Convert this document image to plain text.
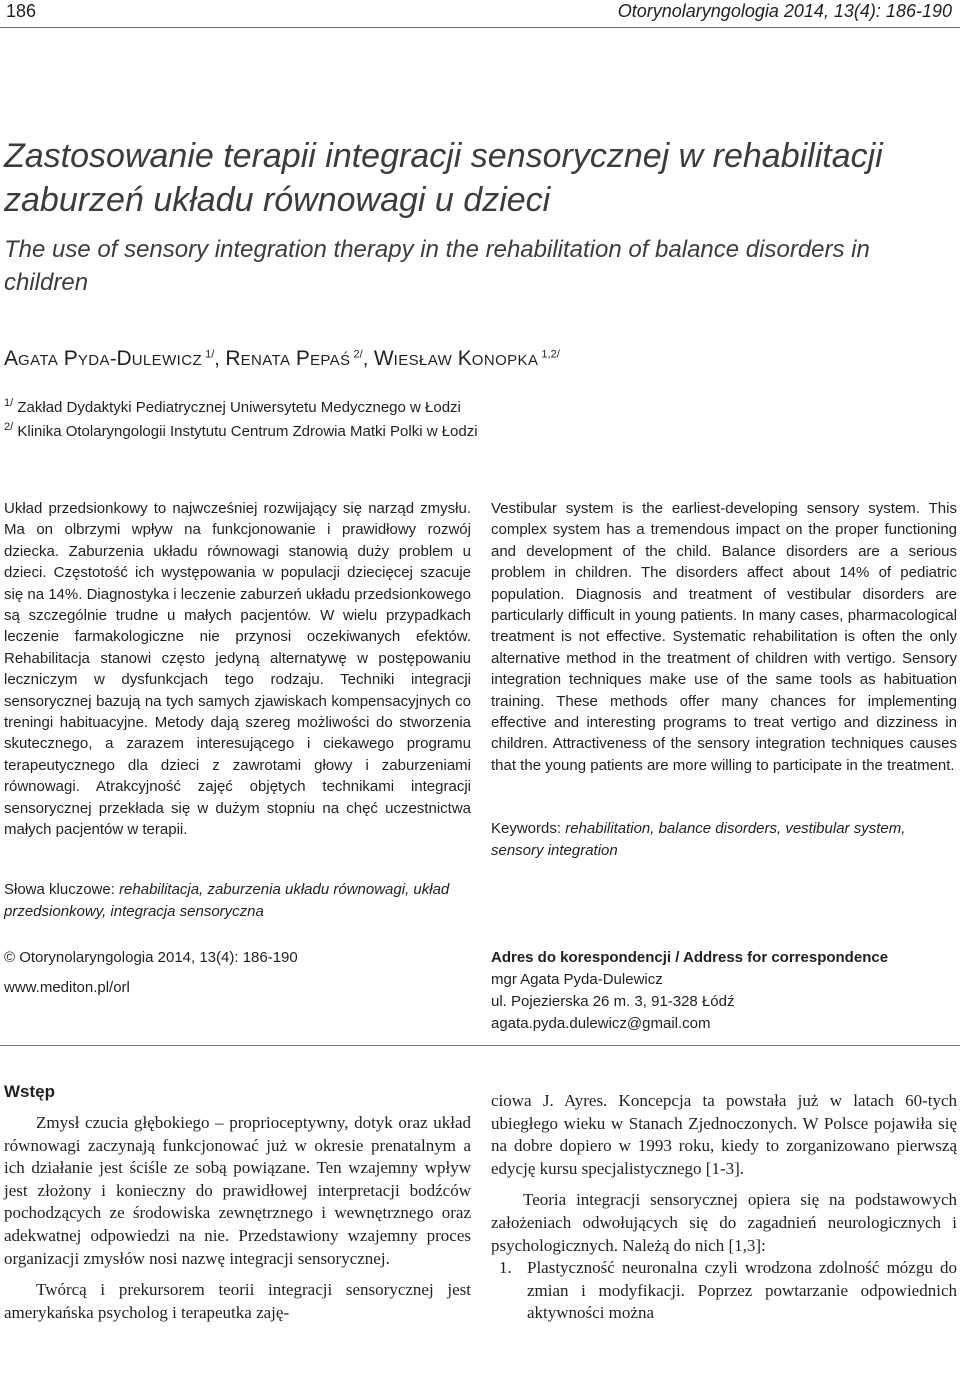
186	Otorynolaryngologia 2014, 13(4): 186-190
Zastosowanie terapii integracji sensorycznej w rehabilitacji zaburzeń układu równowagi u dzieci
The use of sensory integration therapy in the rehabilitation of balance disorders in children
AGATA PYDA-DULEWICZ $^{1/}$, RENATA PEPAŚ $^{2/}$, WIESŁAW KONOPKA $^{1,2/}$
$^{1/}$ Zakład Dydaktyki Pediatrycznej Uniwersytetu Medycznego w Łodzi
$^{2/}$ Klinika Otolaryngologii Instytutu Centrum Zdrowia Matki Polki w Łodzi
Układ przedsionkowy to najwcześniej rozwijający się narząd zmysłu. Ma on olbrzymi wpływ na funkcjonowanie i prawidłowy rozwój dziecka. Zaburzenia układu równowagi stanowią duży problem u dzieci. Częstotość ich występowania w populacji dziecięcej szacuje się na 14%. Diagnostyka i leczenie zaburzeń układu przedsionkowego są szczególnie trudne u małych pacjentów. W wielu przypadkach leczenie farmakologiczne nie przynosi oczekiwanych efektów. Rehabilitacja stanowi często jedyną alternatywę w postępowaniu leczniczym w dysfunkcjach tego rodzaju. Techniki integracji sensorycznej bazują na tych samych zjawiskach kompensacyjnych co treningi habituacyjne. Metody dają szereg możliwości do stworzenia skutecznego, a zarazem interesującego i ciekawego programu terapeutycznego dla dzieci z zawrotami głowy i zaburzeniami równowagi. Atrakcyjność zajęć objętych technikami integracji sensorycznej przekłada się w dużym stopniu na chęć uczestnictwa małych pacjentów w terapii.
Słowa kluczowe: rehabilitacja, zaburzenia układu równowagi, układ przedsionkowy, integracja sensoryczna
Vestibular system is the earliest-developing sensory system. This complex system has a tremendous impact on the proper functioning and development of the child. Balance disorders are a serious problem in children. The disorders affect about 14% of pediatric population. Diagnosis and treatment of vestibular disorders are particularly difficult in young patients. In many cases, pharmacological treatment is not effective. Systematic rehabilitation is often the only alternative method in the treatment of children with vertigo. Sensory integration techniques make use of the same tools as habituation training. These methods offer many chances for implementing effective and interesting programs to treat vertigo and dizziness in children. Attractiveness of the sensory integration techniques causes that the young patients are more willing to participate in the treatment.
Keywords: rehabilitation, balance disorders, vestibular system, sensory integration
© Otorynolaryngologia 2014, 13(4): 186-190
www.mediton.pl/orl
Adres do korespondencji / Address for correspondence
mgr Agata Pyda-Dulewicz
ul. Pojezierska 26 m. 3, 91-328 Łódź
agata.pyda.dulewicz@gmail.com
Wstęp

Zmysł czucia głębokiego – proprioceptywny, dotyk oraz układ równowagi zaczynają funkcjonować już w okresie prenatalnym a ich działanie jest ściśle ze sobą powiązane. Ten wzajemny wpływ jest złożony i konieczny do prawidłowej interpretacji bodźców pochodzących ze środowiska zewnętrznego i wewnętrznego oraz adekwatnej odpowiedzi na nie. Przedstawiony wzajemny proces organizacji zmysłów nosi nazwę integracji sensorycznej.

Twórcą i prekursorem teorii integracji sensorycznej jest amerykańska psycholog i terapeutka zaję-

ciowa J. Ayres. Koncepcja ta powstała już w latach 60-tych ubiegłego wieku w Stanach Zjednoczonych. W Polsce pojawiła się na dobre dopiero w 1993 roku, kiedy to zorganizowano pierwszą edycję kursu specjalistycznego [1-3].

Teoria integracji sensorycznej opiera się na podstawowych założeniach odwołujących się do zagadnień neurologicznych i psychologicznych. Należą do nich [1,3]:

1. Plastyczność neuronalna czyli wrodzona zdolność mózgu do zmian i modyfikacji. Poprzez powtarzanie odpowiednich aktywności można
